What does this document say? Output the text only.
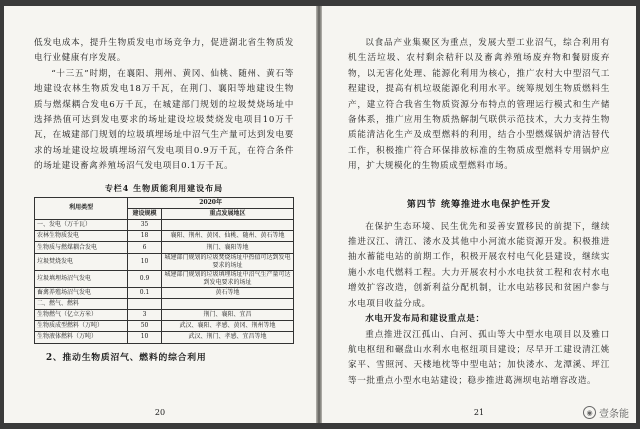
低发电成本，提升生物质发电市场竞争力，促进湖北省生物质发电行业健康有序发展。

“十三五”时期，在襄阳、荆州、黄冈、仙桃、随州、黄石等地建设农林生物质发电18万千瓦，在荆门、襄阳等地建设生物质与燃煤耦合发电6万千瓦，在城建部门规划的垃圾焚烧场址中选择热值可达到发电要求的场址建设垃圾焚烧发电项目10万千瓦，在城建部门规划的垃圾填埋场址中沼气生产量可达到发电要求的场址建设垃圾填埋场沼气发电项目0.9万千瓦，在符合条件的场址建设畜禽养殖场沼气发电项目0.1万千瓦。

专栏4 生物质能利用建设布局
利用类型	2020年	
	建设规模	重点发展地区
一、发电（万千瓦）	35	
农林生物质发电	18	襄阳、荆州、黄冈、仙桃、随州、黄石等地
生物质与燃煤耦合发电	6	荆门、襄阳等地
垃圾焚烧发电	10	城建部门规划的垃圾焚烧场址中热值可达到发电要求的场址
垃圾填埋场沼气发电	0.9	城建部门规划的垃圾填埋场址中沼气生产量可达到发电要求的场址
畜禽养殖场沼气发电	0.1	黄石等地
二、燃气、燃料		
生物燃气（亿立方米）	3	荆门、襄阳、宜昌
生物质成型燃料（万吨）	50	武汉、襄阳、孝感、黄冈、荆州等地
生物液体燃料（万吨）	10	武汉、荆门、孝感、宜昌等地
2、推动生物质沼气、燃料的综合利用
20

以食品产业集聚区为重点，发展大型工业沼气，综合利用有机生活垃圾、农村剩余秸秆以及畜禽养殖场废弃物和餐厨废弃物，以无害化处理、能源化利用为核心，推广农村大中型沼气工程建设，提高有机垃圾能源化利用水平。统筹规划生物质燃料生产，建立符合我省生物质资源分布特点的管理运行模式和生产储备体系，推广应用生物质热解制气联供示范技术，大力支持生物质能清洁化生产及成型燃料的利用，结合小型燃煤锅炉清洁替代工作，积极推广符合环保排放标准的生物质成型燃料专用锅炉应用，扩大规模化的生物质成型燃料市场。

第四节 统筹推进水电保护性开发

在保护生态环境、民生优先和妥善安置移民的前提下，继续推进汉江、清江、溇水及其他中小河流水能资源开发。积极推进抽水蓄能电站的前期工作，积极开展农村电气化县建设，继续实施小水电代燃料工程。大力开展农村小水电扶贫工程和农村水电增效扩容改造，创新利益分配机制，让水电站移民和贫困户参与水电项目收益分成。

水电开发布局和建设重点是：

重点推进汉江孤山、白河、孤山等大中型水电项目以及雅口航电枢纽和碾盘山水利水电枢纽项目建设；尽早开工建设清江姚家平、雪照河、天楼地枕等中型电站；加快溇水、龙潭溪、坪江等一批重点小型水电站建设；稳步推进葛洲坝电站增容改造。

21	◉ 壹条能
